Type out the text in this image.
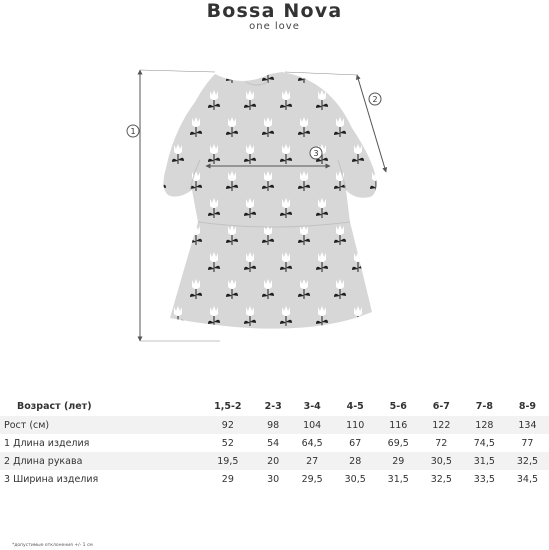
Bossa Nova
one love
1
2
3
Возраст (лет)	1,5-2	2-3	3-4	4-5	5-6	6-7	7-8	8-9
Рост (см)	92	98	104	110	116	122	128	134
1 Длина изделия	52	54	64,5	67	69,5	72	74,5	77
2 Длина рукава	19,5	20	27	28	29	30,5	31,5	32,5
3 Ширина изделия	29	30	29,5	30,5	31,5	32,5	33,5	34,5
*допустимые отклонения +/- 1 см
